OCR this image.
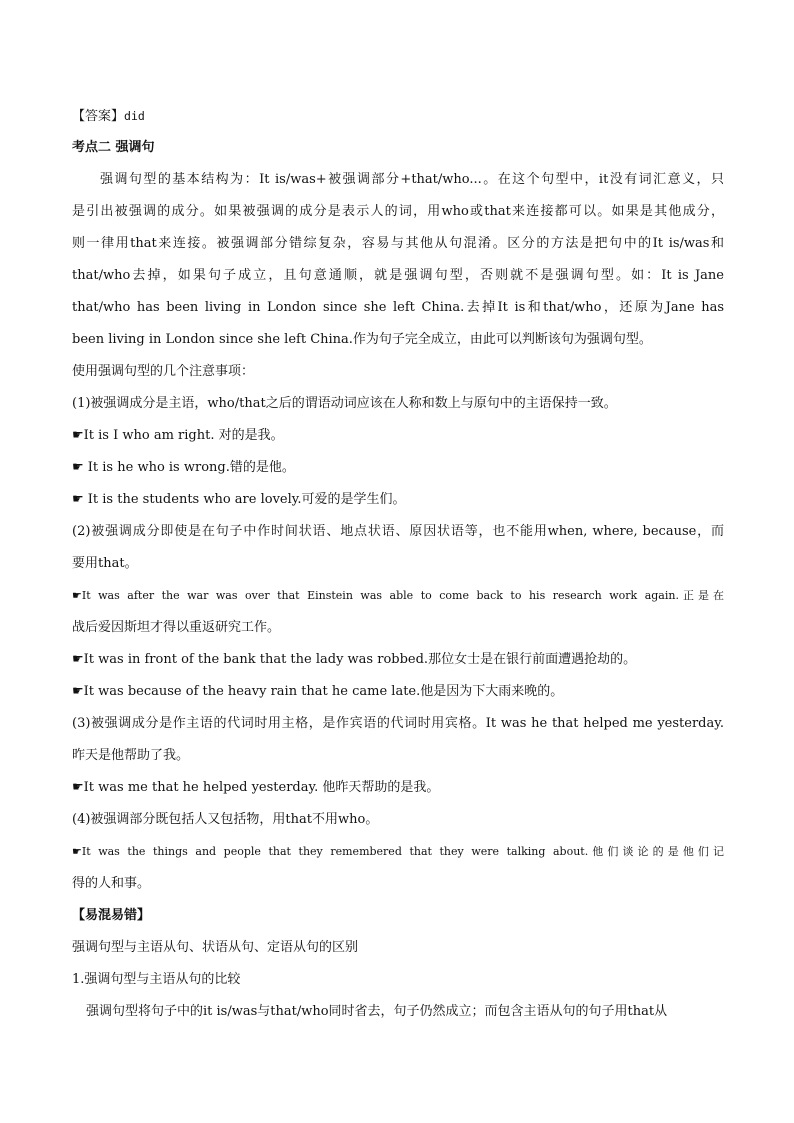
【答案】did
考点二 强调句
强调句型的基本结构为：It is/was+被强调部分+that/who...。在这个句型中，it没有词汇意义，只
是引出被强调的成分。如果被强调的成分是表示人的词，用who或that来连接都可以。如果是其他成分，
则一律用that来连接。被强调部分错综复杂，容易与其他从句混淆。区分的方法是把句中的It is/was和
that/who去掉，如果句子成立，且句意通顺，就是强调句型，否则就不是强调句型。如：It is Jane
that/who has been living in London since she left China.去掉It is和that/who，还原为Jane has
been living in London since she left China.作为句子完全成立，由此可以判断该句为强调句型。
使用强调句型的几个注意事项：
(1)被强调成分是主语，who/that之后的谓语动词应该在人称和数上与原句中的主语保持一致。
☛It is I who am right. 对的是我。
☛ It is he who is wrong.错的是他。
☛ It is the students who are lovely.可爱的是学生们。
(2)被强调成分即使是在句子中作时间状语、地点状语、原因状语等，也不能用when, where, because，而
要用that。
☛It was after the war was over that Einstein was able to come back to his research work again.正是在
战后爱因斯坦才得以重返研究工作。
☛It was in front of the bank that the lady was robbed.那位女士是在银行前面遭遇抢劫的。
☛It was because of the heavy rain that he came late.他是因为下大雨来晚的。
(3)被强调成分是作主语的代词时用主格，是作宾语的代词时用宾格。It was he that helped me yesterday.
昨天是他帮助了我。
☛It was me that he helped yesterday. 他昨天帮助的是我。
(4)被强调部分既包括人又包括物，用that不用who。
☛It was the things and people that they remembered that they were talking about.他们谈论的是他们记
得的人和事。
【易混易错】
强调句型与主语从句、状语从句、定语从句的区别
1.强调句型与主语从句的比较
强调句型将句子中的it is/was与that/who同时省去，句子仍然成立；而包含主语从句的句子用that从
